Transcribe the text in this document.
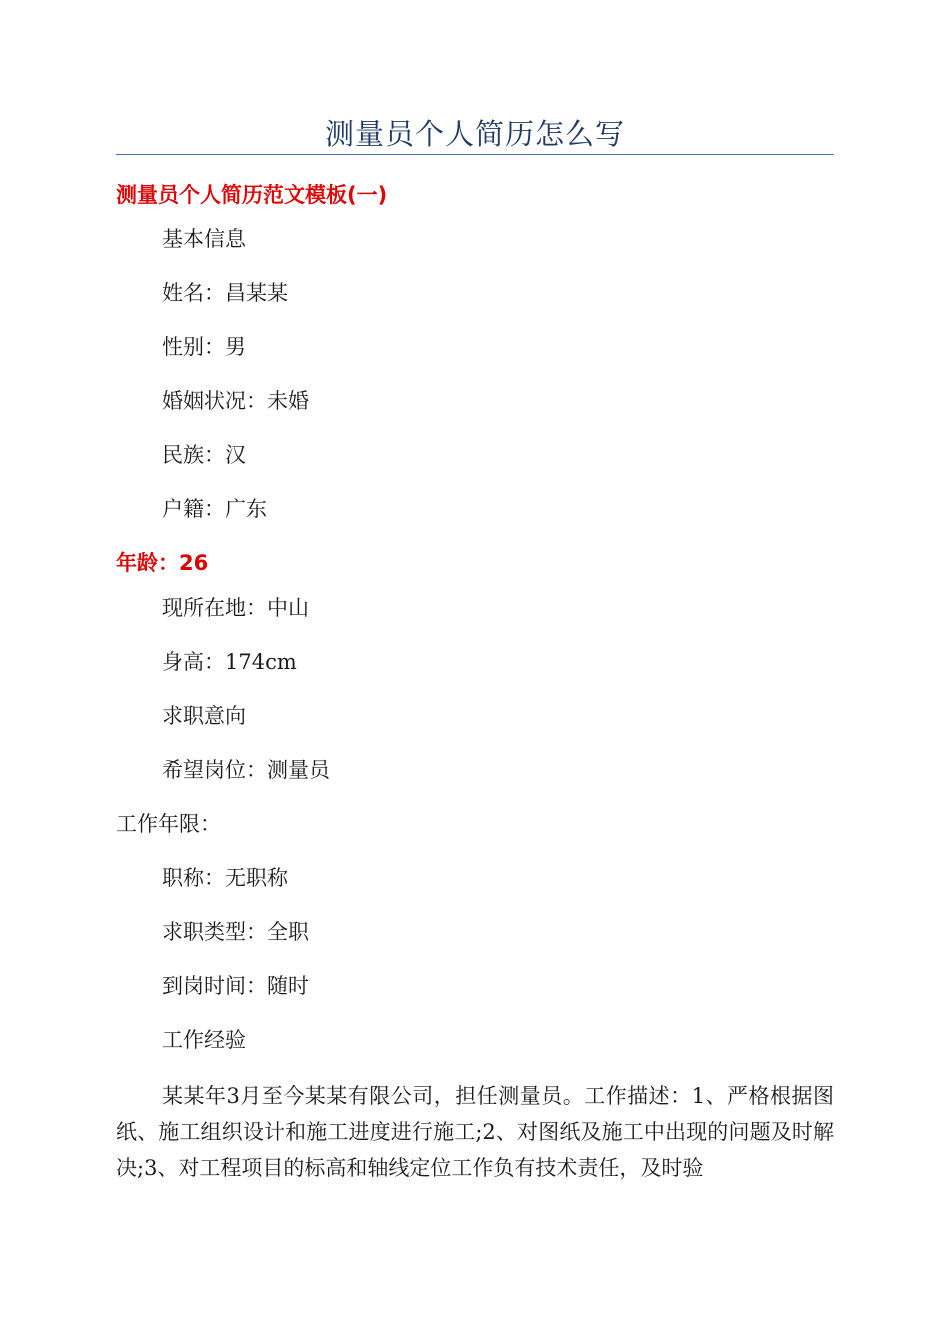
测量员个人简历怎么写
测量员个人简历范文模板(一)
基本信息
姓名：昌某某
性别：男
婚姻状况：未婚
民族：汉
户籍：广东
年龄：26
现所在地：中山
身高：174cm
求职意向
希望岗位：测量员
工作年限：
职称：无职称
求职类型：全职
到岗时间：随时
工作经验
某某年3月至今某某有限公司，担任测量员。工作描述：1、严格根据图纸、施工组织设计和施工进度进行施工;2、对图纸及施工中出现的问题及时解决;3、对工程项目的标高和轴线定位工作负有技术责任，及时验
